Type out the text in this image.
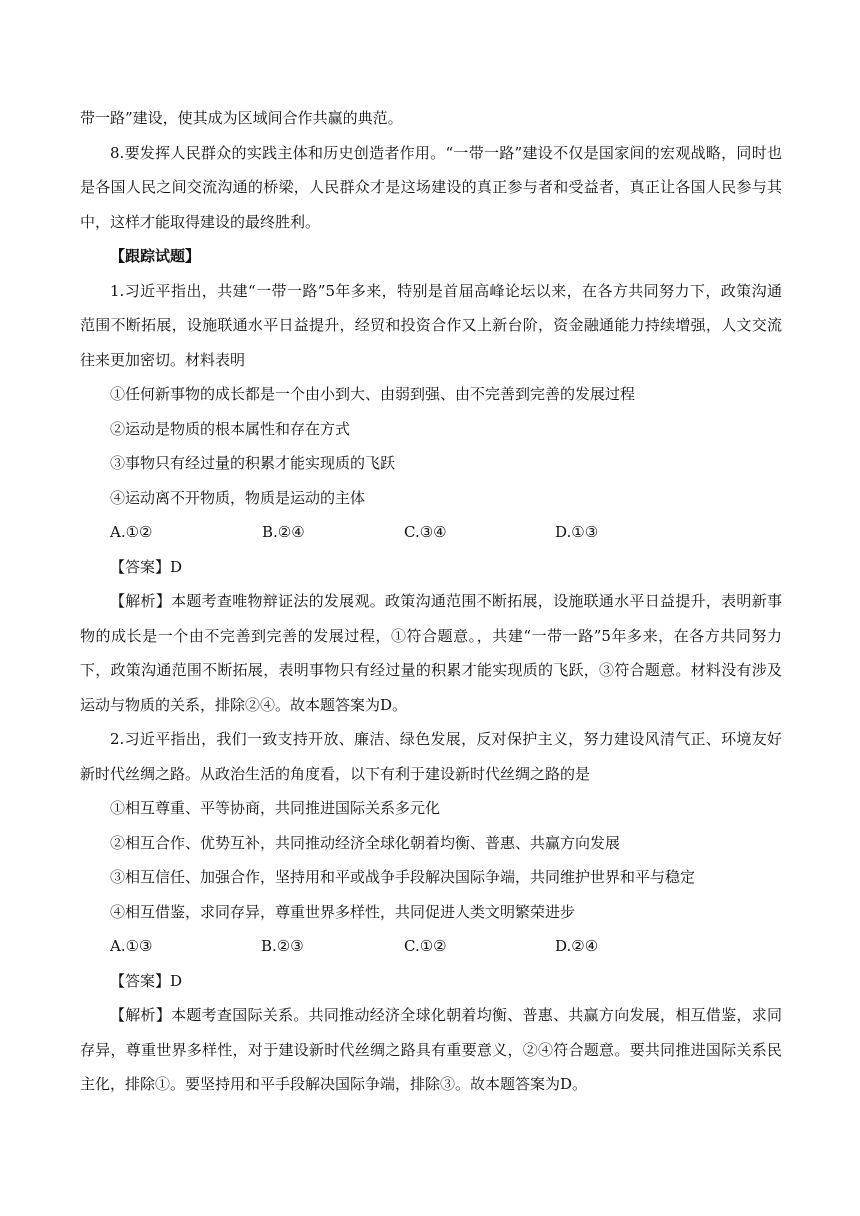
带一路”建设，使其成为区域间合作共赢的典范。

8.要发挥人民群众的实践主体和历史创造者作用。“一带一路”建设不仅是国家间的宏观战略，同时也

是各国人民之间交流沟通的桥梁，人民群众才是这场建设的真正参与者和受益者，真正让各国人民参与其

中，这样才能取得建设的最终胜利。

【跟踪试题】

1.习近平指出，共建“一带一路”5年多来，特别是首届高峰论坛以来，在各方共同努力下，政策沟通

范围不断拓展，设施联通水平日益提升，经贸和投资合作又上新台阶，资金融通能力持续增强，人文交流

往来更加密切。材料表明

①任何新事物的成长都是一个由小到大、由弱到强、由不完善到完善的发展过程

②运动是物质的根本属性和存在方式

③事物只有经过量的积累才能实现质的飞跃

④运动离不开物质，物质是运动的主体

A.①②	B.②④	C.③④	D.①③

【答案】D

【解析】本题考查唯物辩证法的发展观。政策沟通范围不断拓展，设施联通水平日益提升，表明新事

物的成长是一个由不完善到完善的发展过程，①符合题意。，共建“一带一路”5年多来，在各方共同努力

下，政策沟通范围不断拓展，表明事物只有经过量的积累才能实现质的飞跃，③符合题意。材料没有涉及

运动与物质的关系，排除②④。故本题答案为D。

2.习近平指出，我们一致支持开放、廉洁、绿色发展，反对保护主义，努力建设风清气正、环境友好

新时代丝绸之路。从政治生活的角度看，以下有利于建设新时代丝绸之路的是

①相互尊重、平等协商，共同推进国际关系多元化

②相互合作、优势互补，共同推动经济全球化朝着均衡、普惠、共赢方向发展

③相互信任、加强合作，坚持用和平或战争手段解决国际争端，共同维护世界和平与稳定

④相互借鉴，求同存异，尊重世界多样性，共同促进人类文明繁荣进步

A.①③	B.②③	C.①②	D.②④

【答案】D

【解析】本题考查国际关系。共同推动经济全球化朝着均衡、普惠、共赢方向发展，相互借鉴，求同

存异，尊重世界多样性，对于建设新时代丝绸之路具有重要意义，②④符合题意。要共同推进国际关系民

主化，排除①。要坚持用和平手段解决国际争端，排除③。故本题答案为D。
